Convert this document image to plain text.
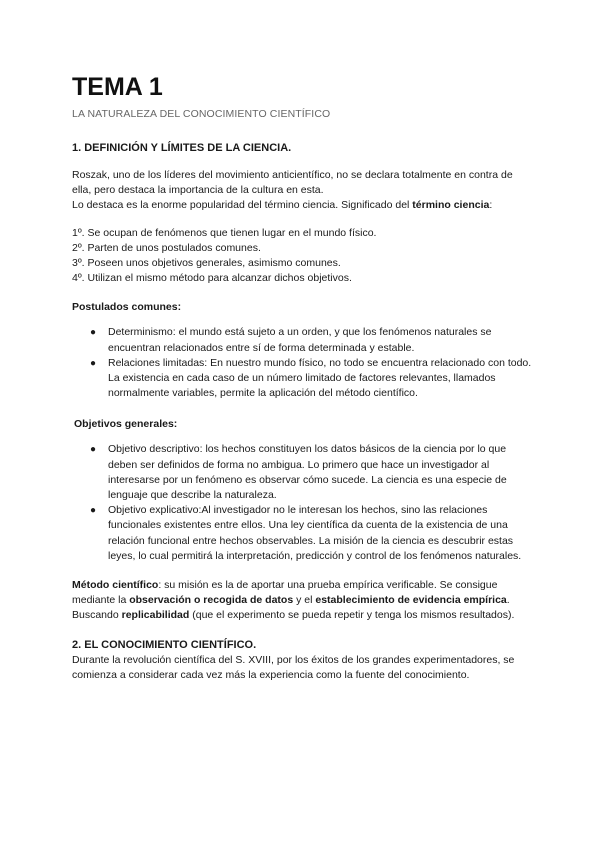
TEMA 1
LA NATURALEZA DEL CONOCIMIENTO CIENTÍFICO
1. DEFINICIÓN Y LÍMITES DE LA CIENCIA.

Roszak, uno de los líderes del movimiento anticientífico, no se declara totalmente en contra de ella, pero destaca la importancia de la cultura en esta.

Lo destaca es la enorme popularidad del término ciencia. Significado del término ciencia:

1º. Se ocupan de fenómenos que tienen lugar en el mundo físico.
2º. Parten de unos postulados comunes.
3º. Poseen unos objetivos generales, asimismo comunes.
4º. Utilizan el mismo método para alcanzar dichos objetivos.
Postulados comunes:
● Determinismo: el mundo está sujeto a un orden, y que los fenómenos naturales se encuentran relacionados entre sí de forma determinada y estable.
● Relaciones limitadas: En nuestro mundo físico, no todo se encuentra relacionado con todo. La existencia en cada caso de un número limitado de factores relevantes, llamados normalmente variables, permite la aplicación del método científico.
Objetivos generales:
● Objetivo descriptivo: los hechos constituyen los datos básicos de la ciencia por lo que deben ser definidos de forma no ambigua. Lo primero que hace un investigador al interesarse por un fenómeno es observar cómo sucede. La ciencia es una especie de lenguaje que describe la naturaleza.
● Objetivo explicativo:Al investigador no le interesan los hechos, sino las relaciones funcionales existentes entre ellos. Una ley científica da cuenta de la existencia de una relación funcional entre hechos observables. La misión de la ciencia es descubrir estas leyes, lo cual permitirá la interpretación, predicción y control de los fenómenos naturales.

Método científico: su misión es la de aportar una prueba empírica verificable. Se consigue mediante la observación o recogida de datos y el establecimiento de evidencia empírica. Buscando replicabilidad (que el experimento se pueda repetir y tenga los mismos resultados).

2. EL CONOCIMIENTO CIENTÍFICO.

Durante la revolución científica del S. XVIII, por los éxitos de los grandes experimentadores, se comienza a considerar cada vez más la experiencia como la fuente del conocimiento.
